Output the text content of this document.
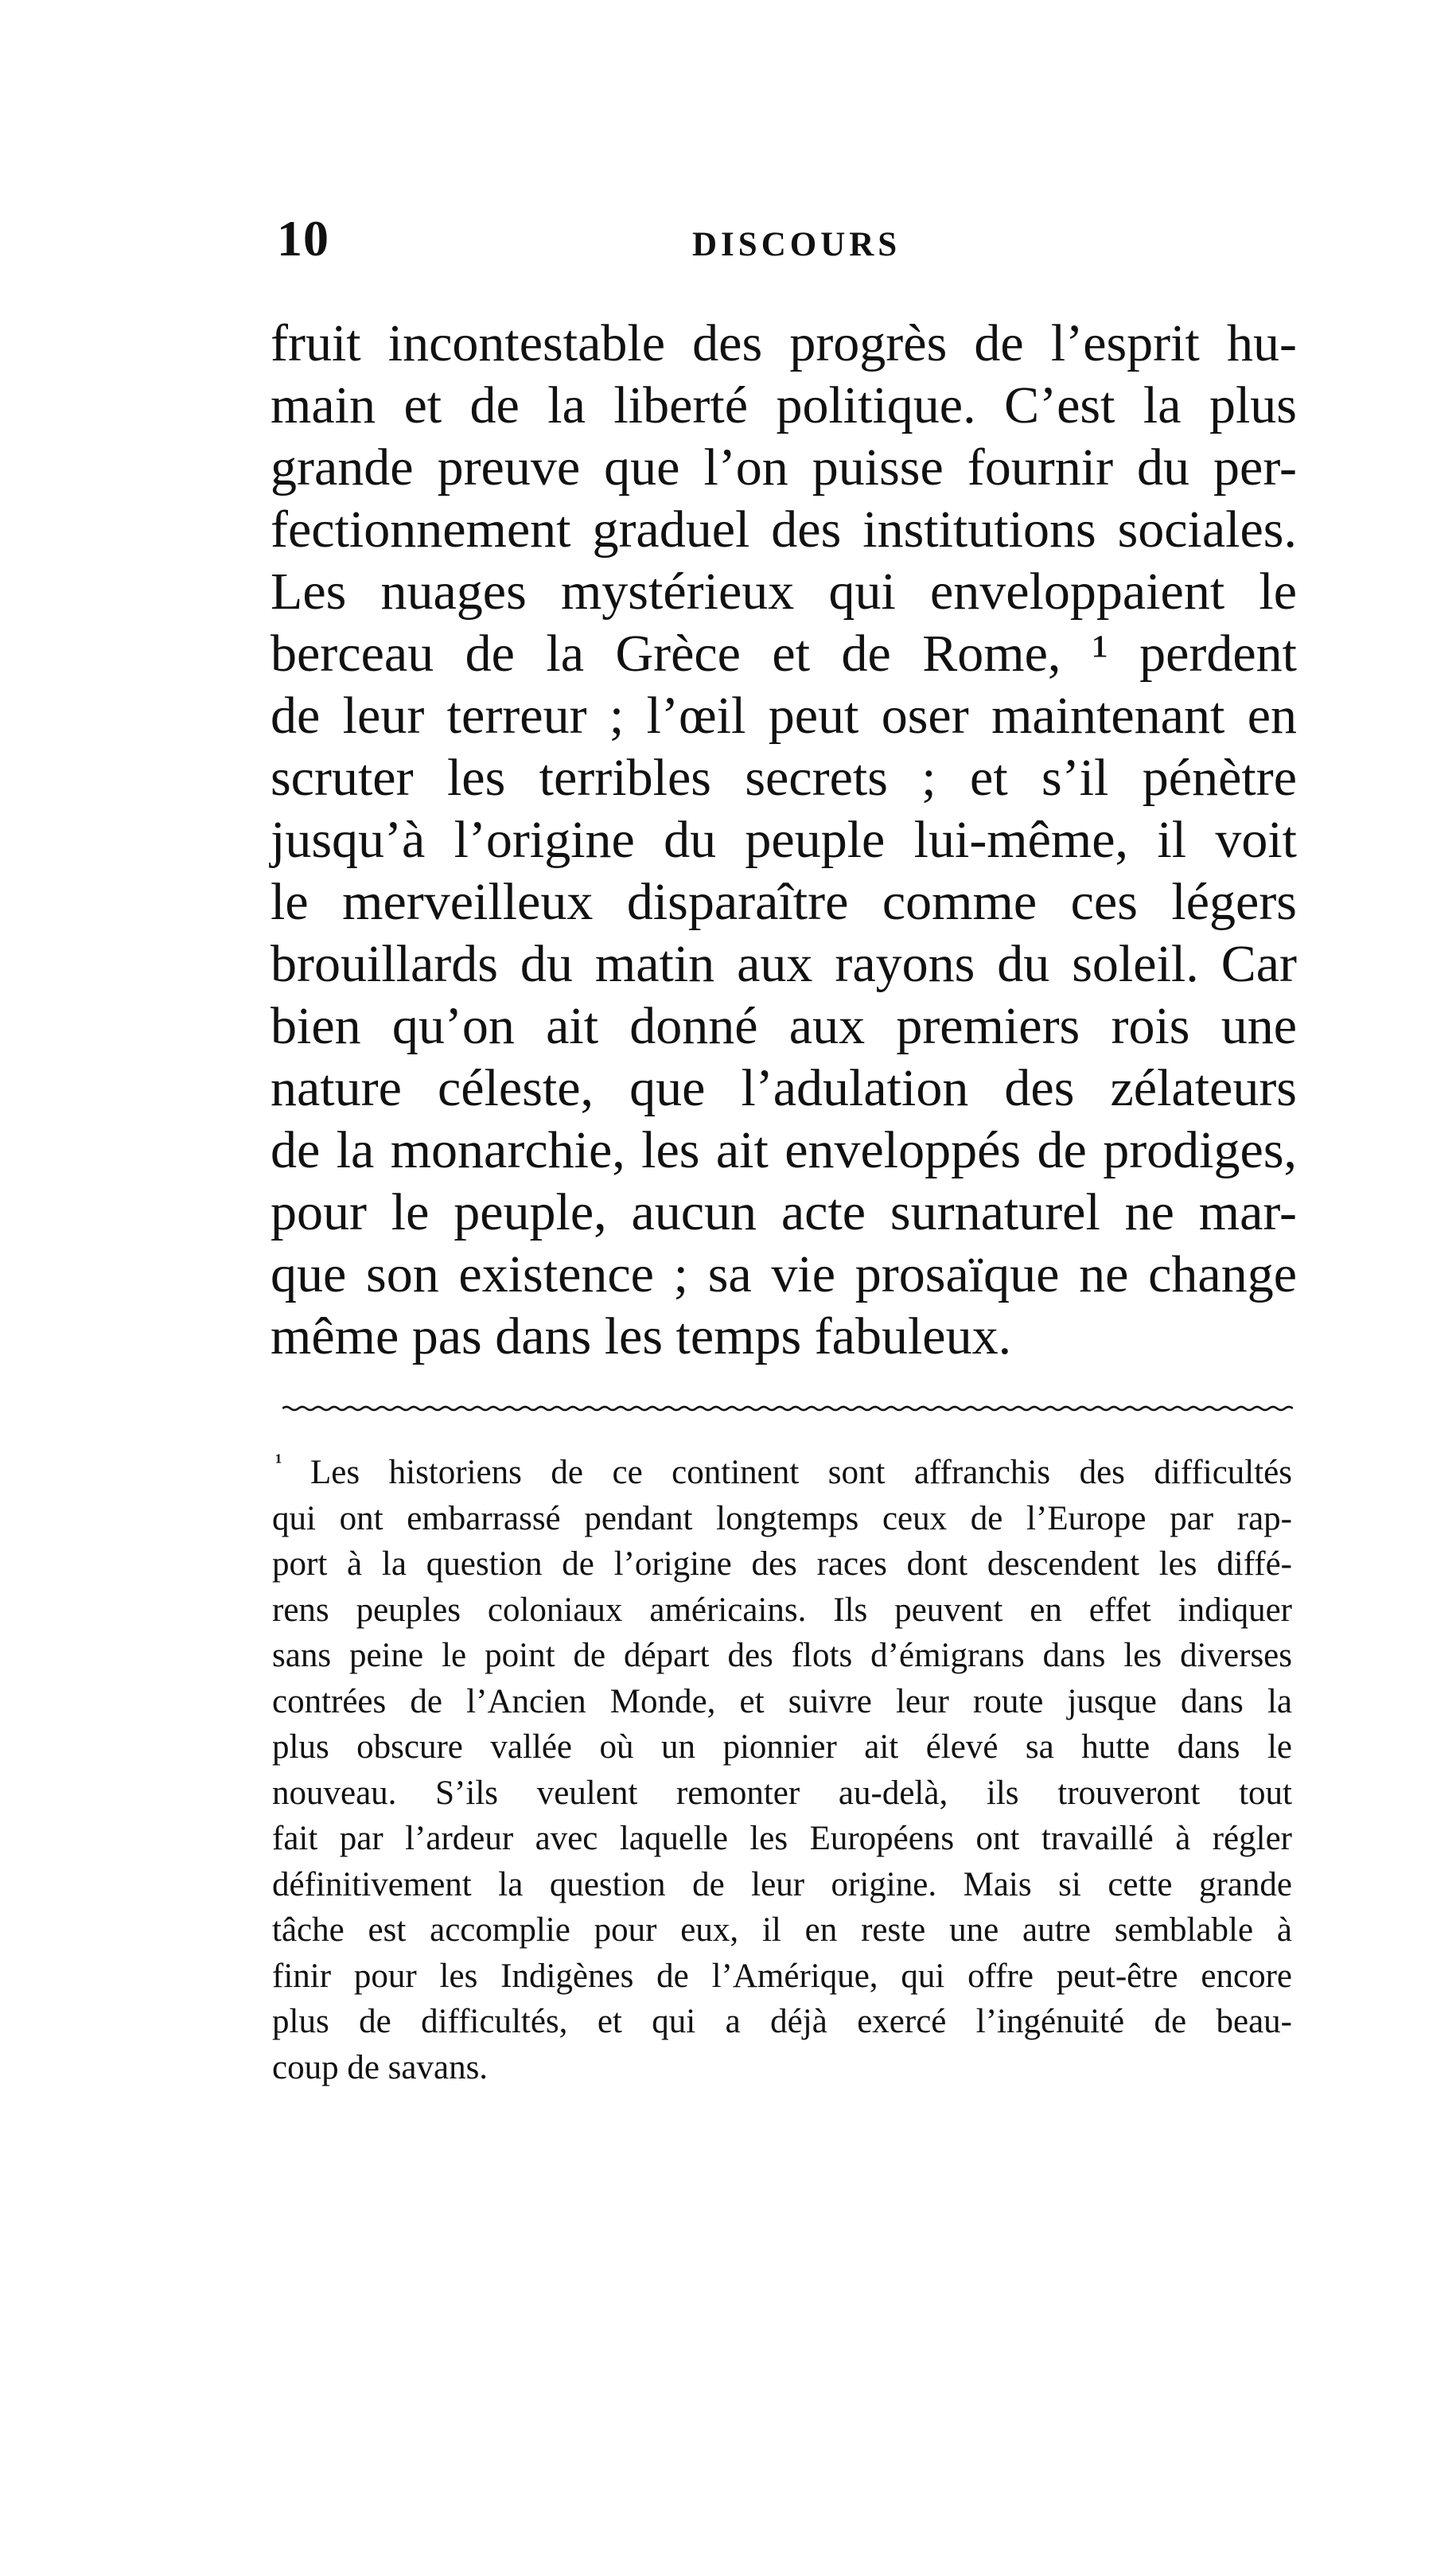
10	DISCOURS
fruit incontestable des progrès de l’esprit hu-
main et de la liberté politique. C’est la plus
grande preuve que l’on puisse fournir du per-
fectionnement graduel des institutions sociales.
Les nuages mystérieux qui enveloppaient le
berceau de la Grèce et de Rome, ¹ perdent
de leur terreur ; l’œil peut oser maintenant en
scruter les terribles secrets ; et s’il pénètre
jusqu’à l’origine du peuple lui-même, il voit
le merveilleux disparaître comme ces légers
brouillards du matin aux rayons du soleil. Car
bien qu’on ait donné aux premiers rois une
nature céleste, que l’adulation des zélateurs
de la monarchie, les ait enveloppés de prodiges,
pour le peuple, aucun acte surnaturel ne mar-
que son existence ; sa vie prosaïque ne change
même pas dans les temps fabuleux.
¹ Les historiens de ce continent sont affranchis des difficultés
qui ont embarrassé pendant longtemps ceux de l’Europe par rap-
port à la question de l’origine des races dont descendent les diffé-
rens peuples coloniaux américains. Ils peuvent en effet indiquer
sans peine le point de départ des flots d’émigrans dans les diverses
contrées de l’Ancien Monde, et suivre leur route jusque dans la
plus obscure vallée où un pionnier ait élevé sa hutte dans le
nouveau. S’ils veulent remonter au-delà, ils trouveront tout
fait par l’ardeur avec laquelle les Européens ont travaillé à régler
définitivement la question de leur origine. Mais si cette grande
tâche est accomplie pour eux, il en reste une autre semblable à
finir pour les Indigènes de l’Amérique, qui offre peut-être encore
plus de difficultés, et qui a déjà exercé l’ingénuité de beau-
coup de savans.
